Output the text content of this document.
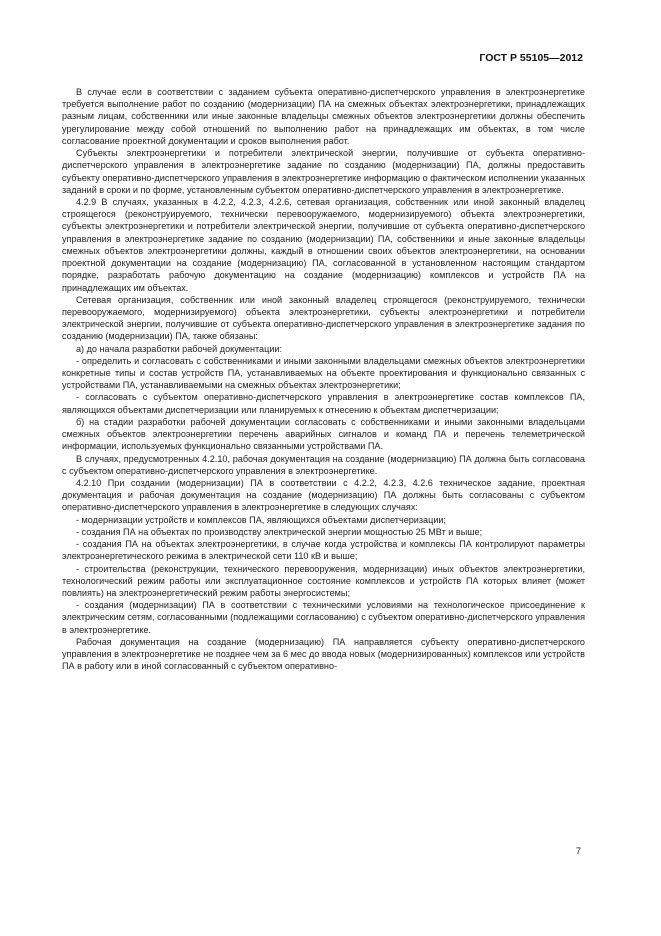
ГОСТ Р 55105—2012

В случае если в соответствии с заданием субъекта оперативно-диспетчерского управления в электроэнергетике требуется выполнение работ по созданию (модернизации) ПА на смежных объектах электроэнергетики, принадлежащих разным лицам, собственники или иные законные владельцы смежных объектов электроэнергетики должны обеспечить урегулирование между собой отношений по выполнению работ на принадлежащих им объектах, в том числе согласование проектной документации и сроков выполнения работ.

Субъекты электроэнергетики и потребители электрической энергии, получившие от субъекта оперативно-диспетчерского управления в электроэнергетике задание по созданию (модернизации) ПА, должны предоставить субъекту оперативно-диспетчерского управления в электроэнергетике информацию о фактическом исполнении указанных заданий в сроки и по форме, установленным субъектом оперативно-диспетчерского управления в электроэнергетике.

4.2.9 В случаях, указанных в 4.2.2, 4.2.3, 4.2.6, сетевая организация, собственник или иной законный владелец строящегося (реконструируемого, технически перевооружаемого, модернизируемого) объекта электроэнергетики, субъекты электроэнергетики и потребители электрической энергии, получившие от субъекта оперативно-диспетчерского управления в электроэнергетике задание по созданию (модернизации) ПА, собственники и иные законные владельцы смежных объектов электроэнергетики должны, каждый в отношении своих объектов электроэнергетики, на основании проектной документации на создание (модернизацию) ПА, согласованной в установленном настоящим стандартом порядке, разработать рабочую документацию на создание (модернизацию) комплексов и устройств ПА на принадлежащих им объектах.

Сетевая организация, собственник или иной законный владелец строящегося (реконструируемого, технически перевооружаемого, модернизируемого) объекта электроэнергетики, субъекты электроэнергетики и потребители электрической энергии, получившие от субъекта оперативно-диспетчерского управления в электроэнергетике задания по созданию (модернизации) ПА, также обязаны:

а) до начала разработки рабочей документации:

- определить и согласовать с собственниками и иными законными владельцами смежных объектов электроэнергетики конкретные типы и состав устройств ПА, устанавливаемых на объекте проектирования и функционально связанных с устройствами ПА, устанавливаемыми на смежных объектах электроэнергетики;

- согласовать с субъектом оперативно-диспетчерского управления в электроэнергетике состав комплексов ПА, являющихся объектами диспетчеризации или планируемых к отнесению к объектам диспетчеризации;

б) на стадии разработки рабочей документации согласовать с собственниками и иными законными владельцами смежных объектов электроэнергетики перечень аварийных сигналов и команд ПА и перечень телеметрической информации, используемых функционально связанными устройствами ПА.

В случаях, предусмотренных 4.2.10, рабочая документация на создание (модернизацию) ПА должна быть согласована с субъектом оперативно-диспетчерского управления в электроэнергетике.

4.2.10 При создании (модернизации) ПА в соответствии с 4.2.2, 4.2.3, 4.2.6 техническое задание, проектная документация и рабочая документация на создание (модернизацию) ПА должны быть согласованы с субъектом оперативно-диспетчерского управления в электроэнергетике в следующих случаях:

- модернизации устройств и комплексов ПА, являющихся объектами диспетчеризации;

- создания ПА на объектах по производству электрической энергии мощностью 25 МВт и выше;

- создания ПА на объектах электроэнергетики, в случае когда устройства и комплексы ПА контролируют параметры электроэнергетического режима в электрической сети 110 кВ и выше;

- строительства (реконструкции, технического перевооружения, модернизации) иных объектов электроэнергетики, технологический режим работы или эксплуатационное состояние комплексов и устройств ПА которых влияет (может повлиять) на электроэнергетический режим работы энергосистемы;

- создания (модернизации) ПА в соответствии с техническими условиями на технологическое присоединение к электрическим сетям, согласованными (подлежащими согласованию) с субъектом оперативно-диспетчерского управления в электроэнергетике.

Рабочая документация на создание (модернизацию) ПА направляется субъекту оперативно-диспетчерского управления в электроэнергетике не позднее чем за 6 мес до ввода новых (модернизированных) комплексов или устройств ПА в работу или в иной согласованный с субъектом оперативно-

7
